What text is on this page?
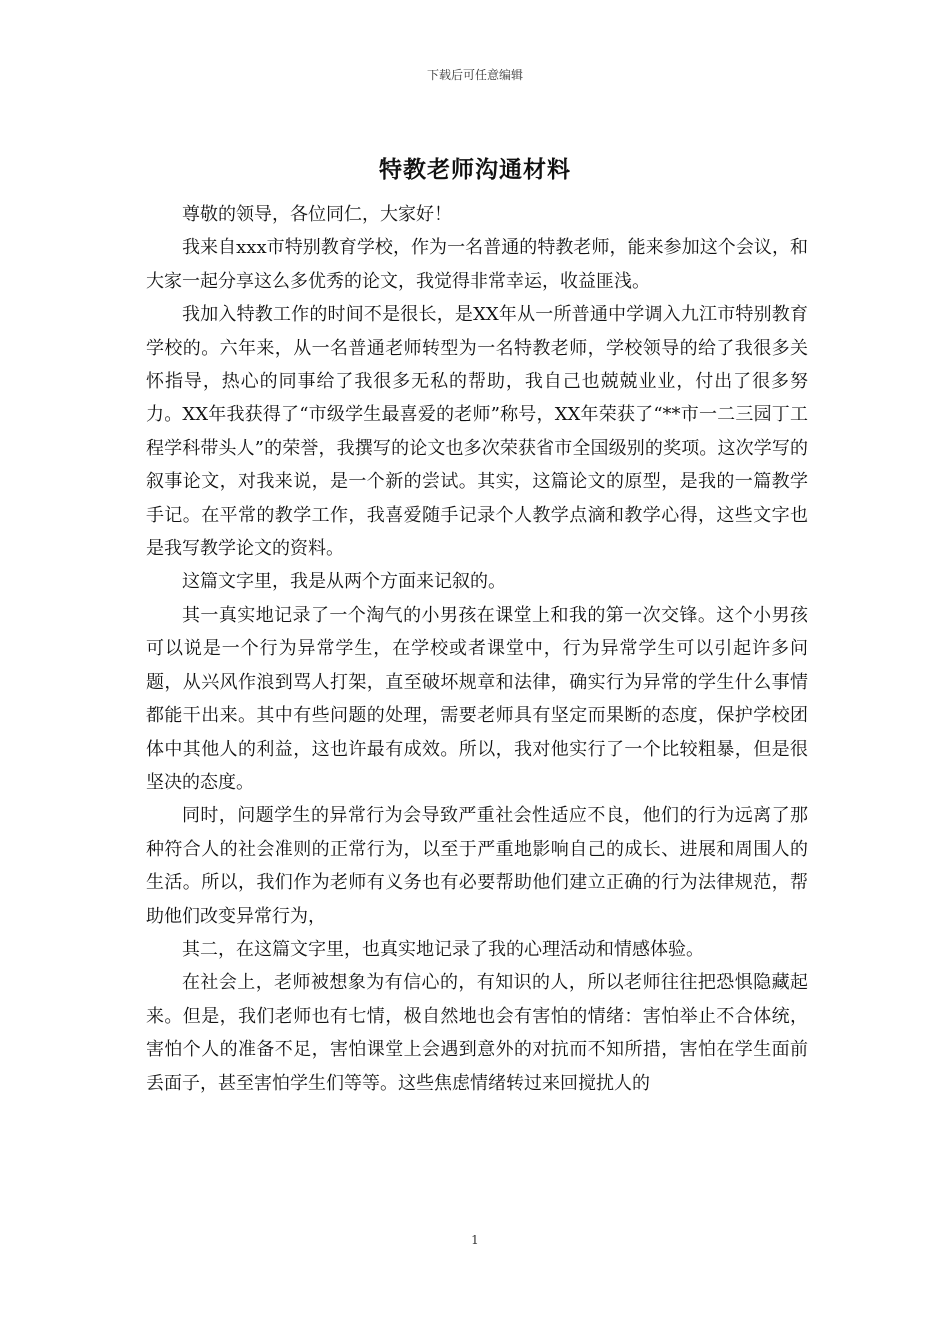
下载后可任意编辑
特教老师沟通材料

尊敬的领导，各位同仁，大家好！

我来自xxx市特别教育学校，作为一名普通的特教老师，能来参加这个会议，和大家一起分享这么多优秀的论文，我觉得非常幸运，收益匪浅。

我加入特教工作的时间不是很长，是XX年从一所普通中学调入九江市特别教育学校的。六年来，从一名普通老师转型为一名特教老师，学校领导的给了我很多关怀指导，热心的同事给了我很多无私的帮助，我自己也兢兢业业，付出了很多努力。XX年我获得了“市级学生最喜爱的老师”称号，XX年荣获了“**市一二三园丁工程学科带头人”的荣誉，我撰写的论文也多次荣获省市全国级别的奖项。这次学写的叙事论文，对我来说，是一个新的尝试。其实，这篇论文的原型，是我的一篇教学手记。在平常的教学工作，我喜爱随手记录个人教学点滴和教学心得，这些文字也是我写教学论文的资料。

这篇文字里，我是从两个方面来记叙的。

其一真实地记录了一个淘气的小男孩在课堂上和我的第一次交锋。这个小男孩可以说是一个行为异常学生，在学校或者课堂中，行为异常学生可以引起许多问题，从兴风作浪到骂人打架，直至破坏规章和法律，确实行为异常的学生什么事情都能干出来。其中有些问题的处理，需要老师具有坚定而果断的态度，保护学校团体中其他人的利益，这也许最有成效。所以，我对他实行了一个比较粗暴，但是很坚决的态度。

同时，问题学生的异常行为会导致严重社会性适应不良，他们的行为远离了那种符合人的社会准则的正常行为，以至于严重地影响自己的成长、进展和周围人的生活。所以，我们作为老师有义务也有必要帮助他们建立正确的行为法律规范，帮助他们改变异常行为，

其二，在这篇文字里，也真实地记录了我的心理活动和情感体验。

在社会上，老师被想象为有信心的，有知识的人，所以老师往往把恐惧隐藏起来。但是，我们老师也有七情，极自然地也会有害怕的情绪：害怕举止不合体统，害怕个人的准备不足，害怕课堂上会遇到意外的对抗而不知所措，害怕在学生面前丢面子，甚至害怕学生们等等。这些焦虑情绪转过来回搅扰人的

1
